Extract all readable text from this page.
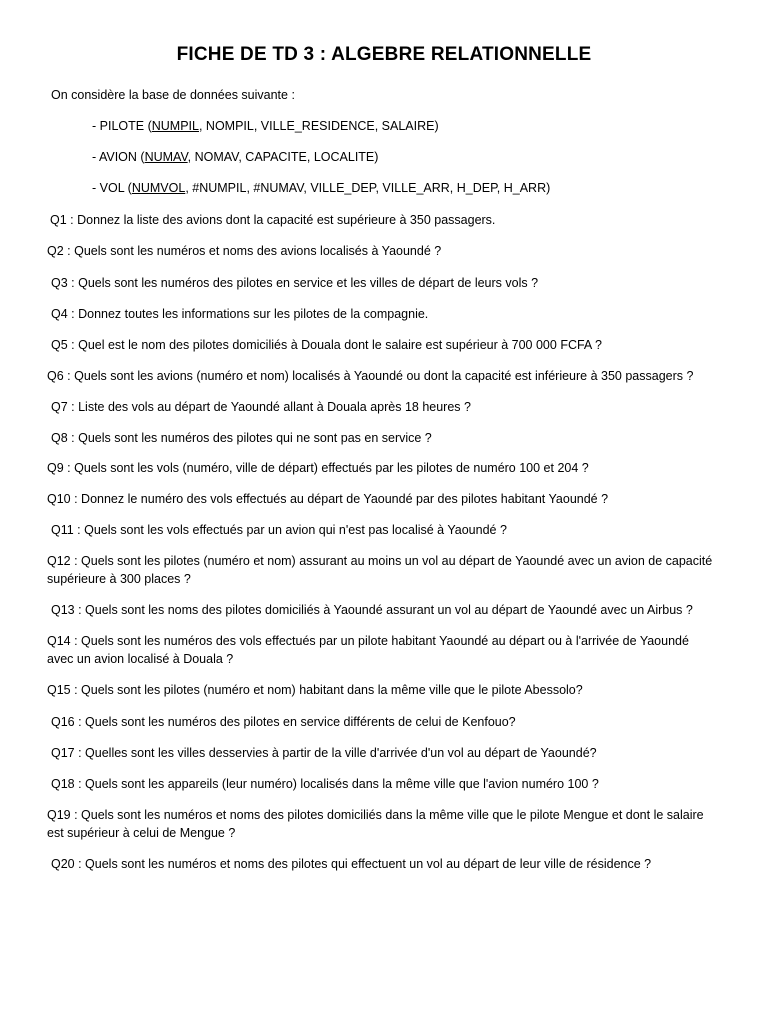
FICHE DE TD 3 : ALGEBRE RELATIONNELLE
On considère la base de données suivante :
- PILOTE (NUMPIL, NOMPIL, VILLE_RESIDENCE, SALAIRE)
- AVION (NUMAV, NOMAV, CAPACITE, LOCALITE)
- VOL (NUMVOL, #NUMPIL, #NUMAV, VILLE_DEP, VILLE_ARR, H_DEP, H_ARR)
Q1 : Donnez la liste des avions dont la capacité est supérieure à 350 passagers.
Q2 : Quels sont les numéros et noms des avions localisés à Yaoundé ?
Q3 : Quels sont les numéros des pilotes en service et les villes de départ de leurs vols ?
Q4 : Donnez toutes les informations sur les pilotes de la compagnie.
Q5 : Quel est le nom des pilotes domiciliés à Douala dont le salaire est supérieur à 700 000 FCFA ?
Q6 : Quels sont les avions (numéro et nom) localisés à Yaoundé ou dont la capacité est inférieure à 350 passagers ?
Q7 : Liste des vols au départ de Yaoundé allant à Douala après 18 heures ?
Q8 : Quels sont les numéros des pilotes qui ne sont pas en service ?
Q9 : Quels sont les vols (numéro, ville de départ) effectués par les pilotes de numéro 100 et 204 ?
Q10 : Donnez le numéro des vols effectués au départ de Yaoundé par des pilotes habitant Yaoundé ?
Q11 : Quels sont les vols effectués par un avion qui n'est pas localisé à Yaoundé ?
Q12 : Quels sont les pilotes (numéro et nom) assurant au moins un vol au départ de Yaoundé avec un avion de capacité supérieure à 300 places ?
Q13 : Quels sont les noms des pilotes domiciliés à Yaoundé assurant un vol au départ de Yaoundé avec un Airbus ?
Q14 : Quels sont les numéros des vols effectués par un pilote habitant Yaoundé au départ ou à l'arrivée de Yaoundé avec un avion localisé à Douala ?
Q15 : Quels sont les pilotes (numéro et nom) habitant dans la même ville que le pilote Abessolo?
Q16 : Quels sont les numéros des pilotes en service différents de celui de Kenfouo?
Q17 : Quelles sont les villes desservies à partir de la ville d'arrivée d'un vol au départ de Yaoundé?
Q18 : Quels sont les appareils (leur numéro) localisés dans la même ville que l'avion numéro 100 ?
Q19 : Quels sont les numéros et noms des pilotes domiciliés dans la même ville que le pilote Mengue et dont le salaire est supérieur à celui de Mengue ?
Q20 : Quels sont les numéros et noms des pilotes qui effectuent un vol au départ de leur ville de résidence ?
